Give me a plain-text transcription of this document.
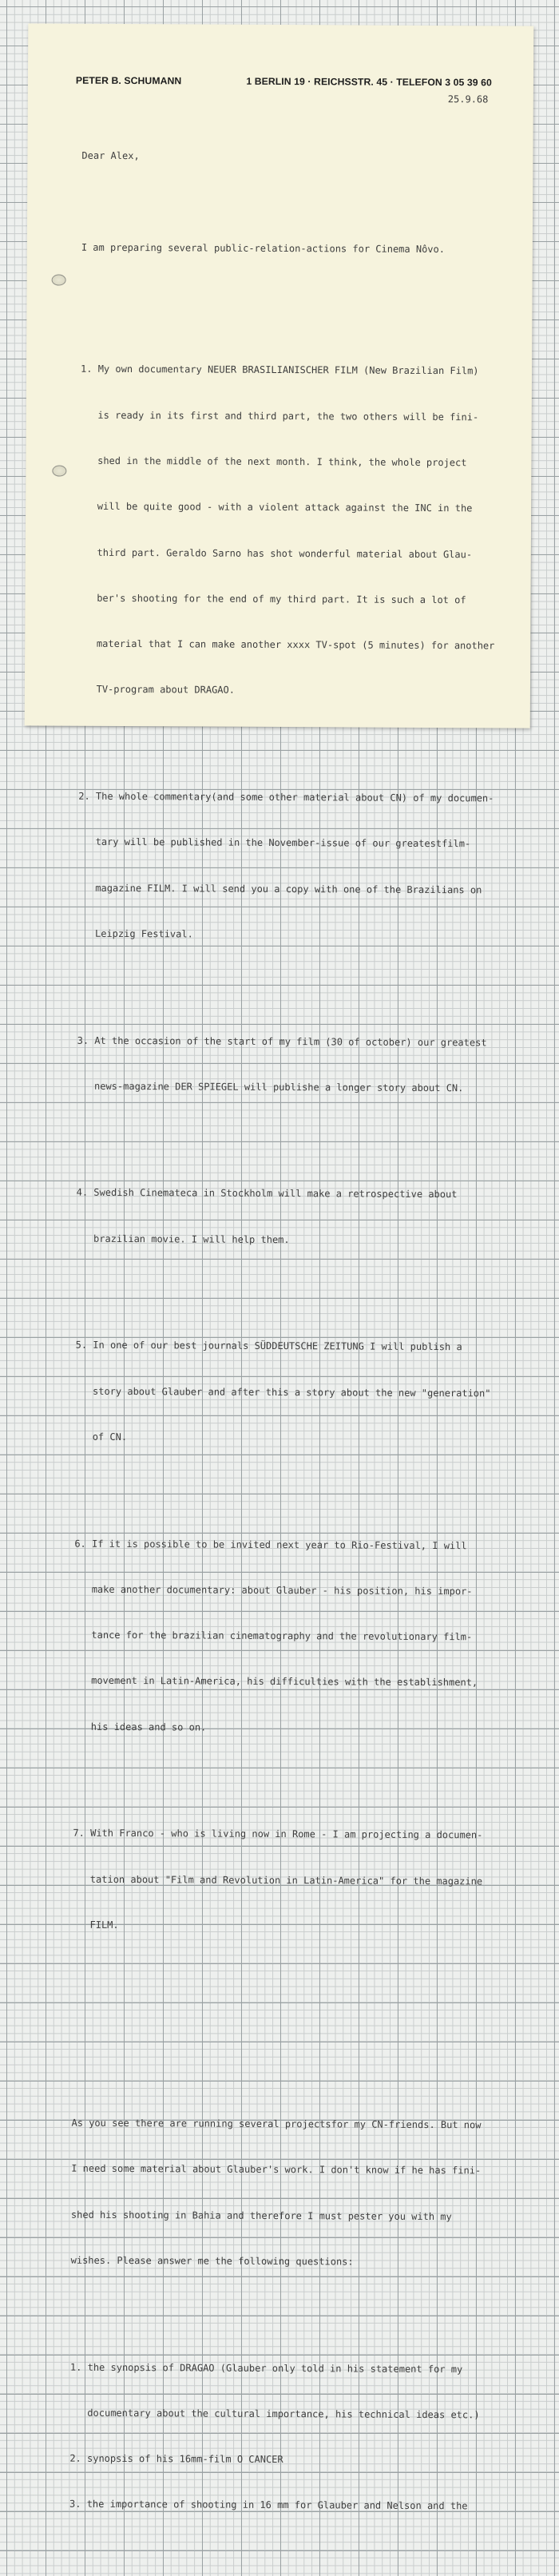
PETER B. SCHUMANN	1 BERLIN 19 · REICHSSTR. 45 · TELEFON 3 05 39 60
25.9.68

Dear Alex,

I am preparing several public-relation-actions for Cinema Nôvo.

1. My own documentary NEUER BRASILIANISCHER FILM (New Brazilian Film)

is ready in its first and third part, the two others will be fini-

shed in the middle of the next month. I think, the whole project

will be quite good - with a violent attack against the INC in the

third part. Geraldo Sarno has shot wonderful material about Glau-

ber's shooting for the end of my third part. It is such a lot of

material that I can make another xxxx TV-spot (5 minutes) for another

TV-program about DRAGAO.

2. The whole commentary(and some other material about CN) of my documen-

tary will be published in the November-issue of our greatestfilm-

magazine FILM. I will send you a copy with one of the Brazilians on

Leipzig Festival.

3. At the occasion of the start of my film (30 of october) our greatest

news-magazine DER SPIEGEL will publishe a longer story about CN.

4. Swedish Cinemateca in Stockholm will make a retrospective about

brazilian movie. I will help them.

5. In one of our best journals SÜDDEUTSCHE ZEITUNG I will publish a

story about Glauber and after this a story about the new "generation"

of CN.

6. If it is possible to be invited next year to Rio-Festival, I will

make another documentary: about Glauber - his position, his impor-

tance for the brazilian cinematography and the revolutionary film-

movement in Latin-America, his difficulties with the establishment,

his ideas and so on.

7. With Franco - who is living now in Rome - I am projecting a documen-

tation about "Film and Revolution in Latin-America" for the magazine

FILM.

As you see there are running several projectsfor my CN-friends. But now

I need some material about Glauber's work. I don't know if he has fini-

shed his shooting in Bahia and therefore I must pester you with my

wishes. Please answer me the following questions:

1. the synopsis of DRAGAO (Glauber only told in his statement for my

documentary about the cultural importance, his technical ideas etc.)

2. synopsis of his 16mm-film O CANCER

3. the importance of shooting in 16 mm for Glauber and Nelson and the
